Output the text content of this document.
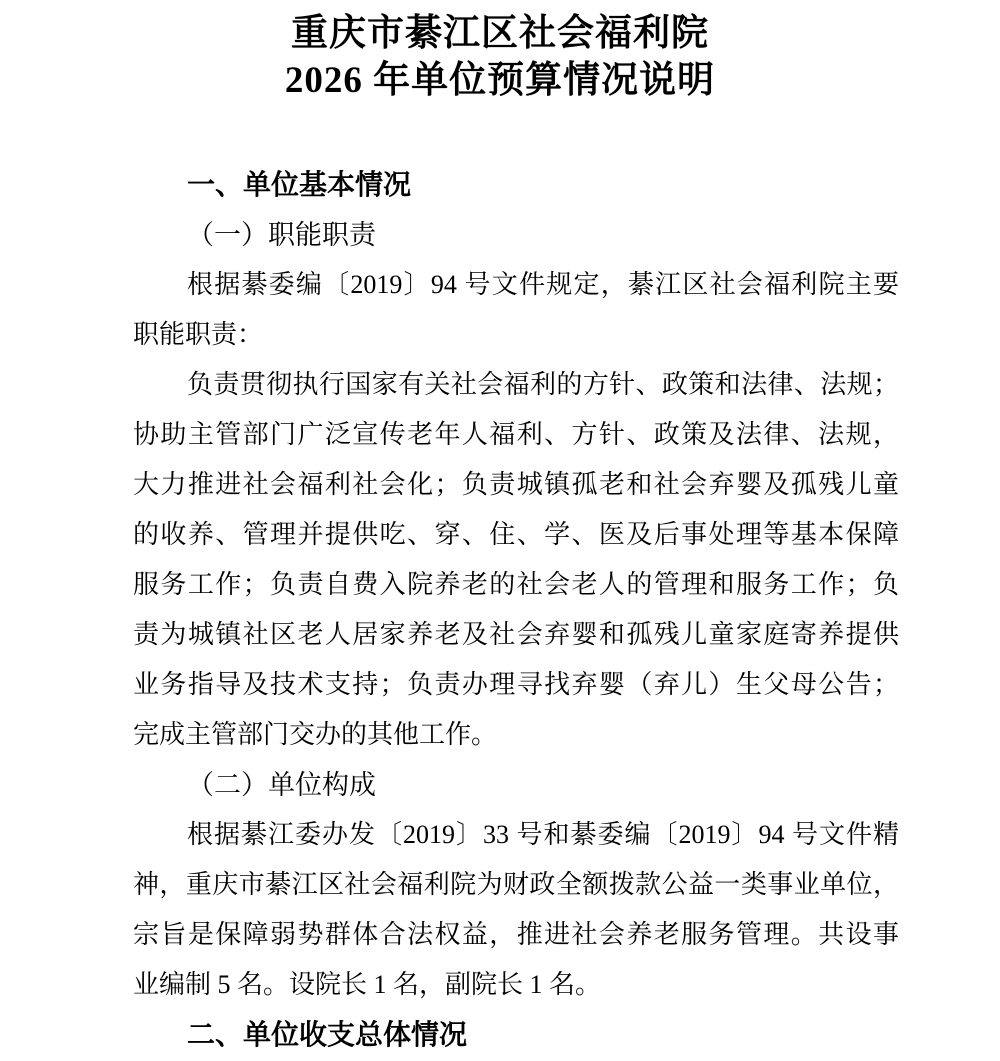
重庆市綦江区社会福利院
2026 年单位预算情况说明
一、单位基本情况
（一）职能职责
根据綦委编〔2019〕94 号文件规定，綦江区社会福利院主要
职能职责：
负责贯彻执行国家有关社会福利的方针、政策和法律、法规；
协助主管部门广泛宣传老年人福利、方针、政策及法律、法规，
大力推进社会福利社会化；负责城镇孤老和社会弃婴及孤残儿童
的收养、管理并提供吃、穿、住、学、医及后事处理等基本保障
服务工作；负责自费入院养老的社会老人的管理和服务工作；负
责为城镇社区老人居家养老及社会弃婴和孤残儿童家庭寄养提供
业务指导及技术支持；负责办理寻找弃婴（弃儿）生父母公告；
完成主管部门交办的其他工作。
（二）单位构成
根据綦江委办发〔2019〕33 号和綦委编〔2019〕94 号文件精
神，重庆市綦江区社会福利院为财政全额拨款公益一类事业单位，
宗旨是保障弱势群体合法权益，推进社会养老服务管理。共设事
业编制 5 名。设院长 1 名，副院长 1 名。
二、单位收支总体情况
